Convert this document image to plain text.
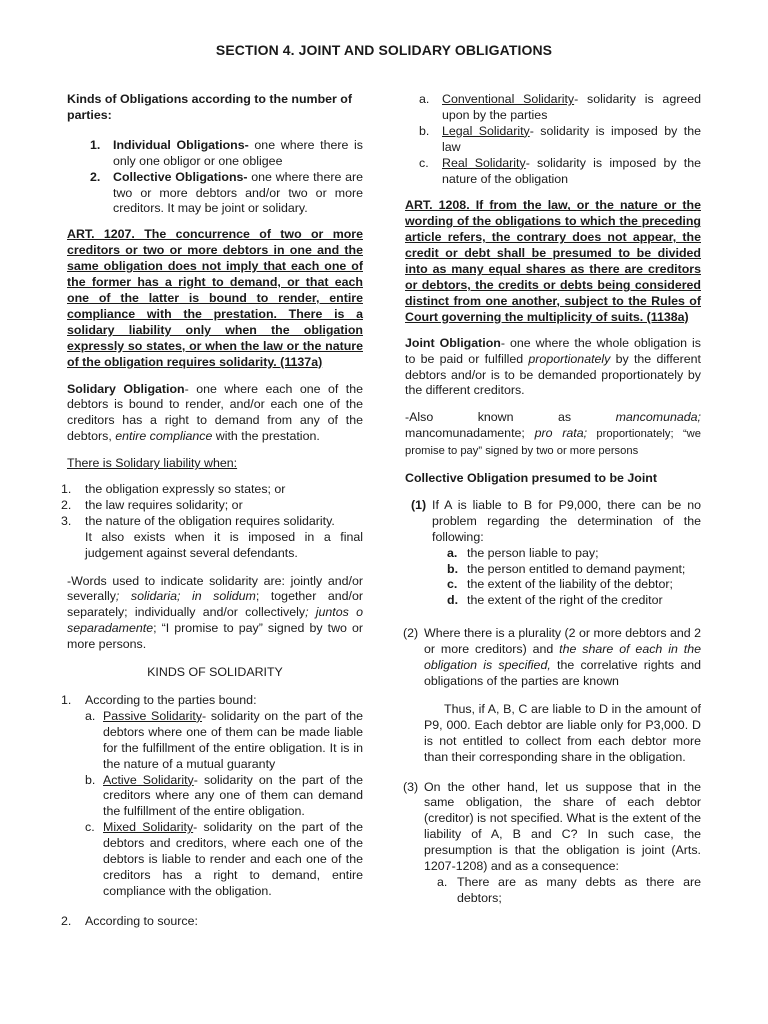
SECTION 4. JOINT AND SOLIDARY OBLIGATIONS

Kinds of Obligations according to the number of parties:

1.	Individual Obligations- one where there is only one obligor or one obligee
2.	Collective Obligations- one where there are two or more debtors and/or two or more creditors. It may be joint or solidary.

ART. 1207. The concurrence of two or more creditors or two or more debtors in one and the same obligation does not imply that each one of the former has a right to demand, or that each one of the latter is bound to render, entire compliance with the prestation. There is a solidary liability only when the obligation expressly so states, or when the law or the nature of the obligation requires solidarity. (1137a)

Solidary Obligation- one where each one of the debtors is bound to render, and/or each one of the creditors has a right to demand from any of the debtors, entire compliance with the prestation.

There is Solidary liability when:

1.	the obligation expressly so states; or
2.	the law requires solidarity; or
3.	the nature of the obligation requires solidarity.

It also exists when it is imposed in a final judgement against several defendants.

-Words used to indicate solidarity are: jointly and/or severally; solidaria; in solidum; together and/or separately; individually and/or collectively; juntos o separadamente; “I promise to pay” signed by two or more persons.

KINDS OF SOLIDARITY

1.	According to the parties bound:
a. Passive Solidarity- solidarity on the part of the debtors where one of them can be made liable for the fulfillment of the entire obligation. It is in the nature of a mutual guaranty
b. Active Solidarity- solidarity on the part of the creditors where any one of them can demand the fulfillment of the entire obligation.
c. Mixed Solidarity- solidarity on the part of the debtors and creditors, where each one of the debtors is liable to render and each one of the creditors has a right to demand, entire compliance with the obligation.
2.	According to source:
a.	Conventional Solidarity- solidarity is agreed upon by the parties
b.	Legal Solidarity- solidarity is imposed by the law
c.	Real Solidarity- solidarity is imposed by the nature of the obligation

ART. 1208. If from the law, or the nature or the wording of the obligations to which the preceding article refers, the contrary does not appear, the credit or debt shall be presumed to be divided into as many equal shares as there are creditors or debtors, the credits or debts being considered distinct from one another, subject to the Rules of Court governing the multiplicity of suits. (1138a)

Joint Obligation- one where the whole obligation is to be paid or fulfilled proportionately by the different debtors and/or is to be demanded proportionately by the different creditors.

-Also known as mancomunada; mancomunadamente; pro rata; proportionately; “we promise to pay” signed by two or more persons

Collective Obligation presumed to be Joint

(1) If A is liable to B for P9,000, there can be no problem regarding the determination of the following:
a. the person liable to pay;
b. the person entitled to demand payment;
c. the extent of the liability of the debtor;
d. the extent of the right of the creditor
(2) Where there is a plurality (2 or more debtors and 2 or more creditors) and the share of each in the obligation is specified, the correlative rights and obligations of the parties are known

Thus, if A, B, C are liable to D in the amount of P9, 000. Each debtor are liable only for P3,000. D is not entitled to collect from each debtor more than their corresponding share in the obligation.

(3) On the other hand, let us suppose that in the same obligation, the share of each debtor (creditor) is not specified. What is the extent of the liability of A, B and C? In such case, the presumption is that the obligation is joint (Arts. 1207-1208) and as a consequence:
a. There are as many debts as there are debtors;
